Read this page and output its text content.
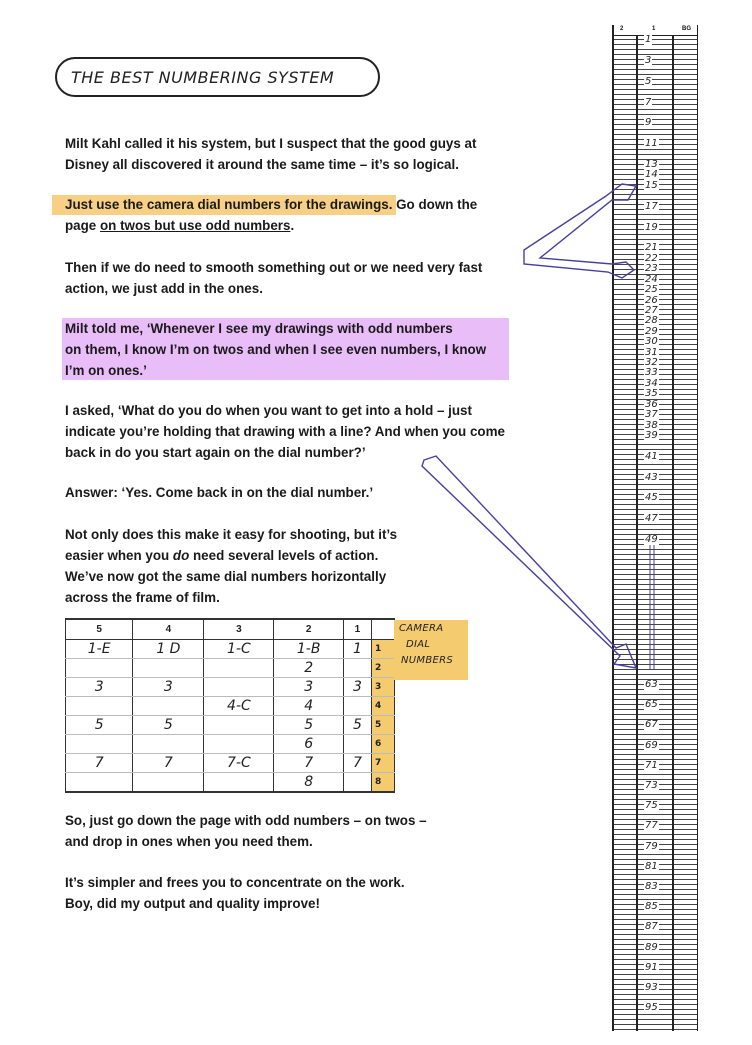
THE BEST NUMBERING SYSTEM
Milt Kahl called it his system, but I suspect that the good guys at
Disney all discovered it around the same time – it’s so logical.
Just use the camera dial numbers for the drawings. Go down the
page on twos but use odd numbers.
Then if we do need to smooth something out or we need very fast
action, we just add in the ones.
Milt told me, ‘Whenever I see my drawings with odd numbers
on them, I know I’m on twos and when I see even numbers, I know
I’m on ones.’
I asked, ‘What do you do when you want to get into a hold – just
indicate you’re holding that drawing with a line? And when you come
back in do you start again on the dial number?’
Answer: ‘Yes. Come back in on the dial number.’
Not only does this make it easy for shooting, but it’s
easier when you do need several levels of action.
We’ve now got the same dial numbers horizontally
across the frame of film.
5	4	3	2	1	
1-E	1 D	1-C	1-B	1	1
			2		2
3	3		3	3	3
		4-C	4		4
5	5		5	5	5
			6		6
7	7	7-C	7	7	7
			8		8
CAMERA
DIAL
NUMBERS
So, just go down the page with odd numbers – on twos –
and drop in ones when you need them.
It’s simpler and frees you to concentrate on the work.
Boy, did my output and quality improve!
2	1	BG
1
3
5
7
9
11
13
14
15
17
19
21
22
23
24
25
26
27
28
29
30
31
32
33
34
35
36
37
38
39
41
43
45
47
49
63
65
67
69
71
73
75
77
79
81
83
85
87
89
91
93
95
